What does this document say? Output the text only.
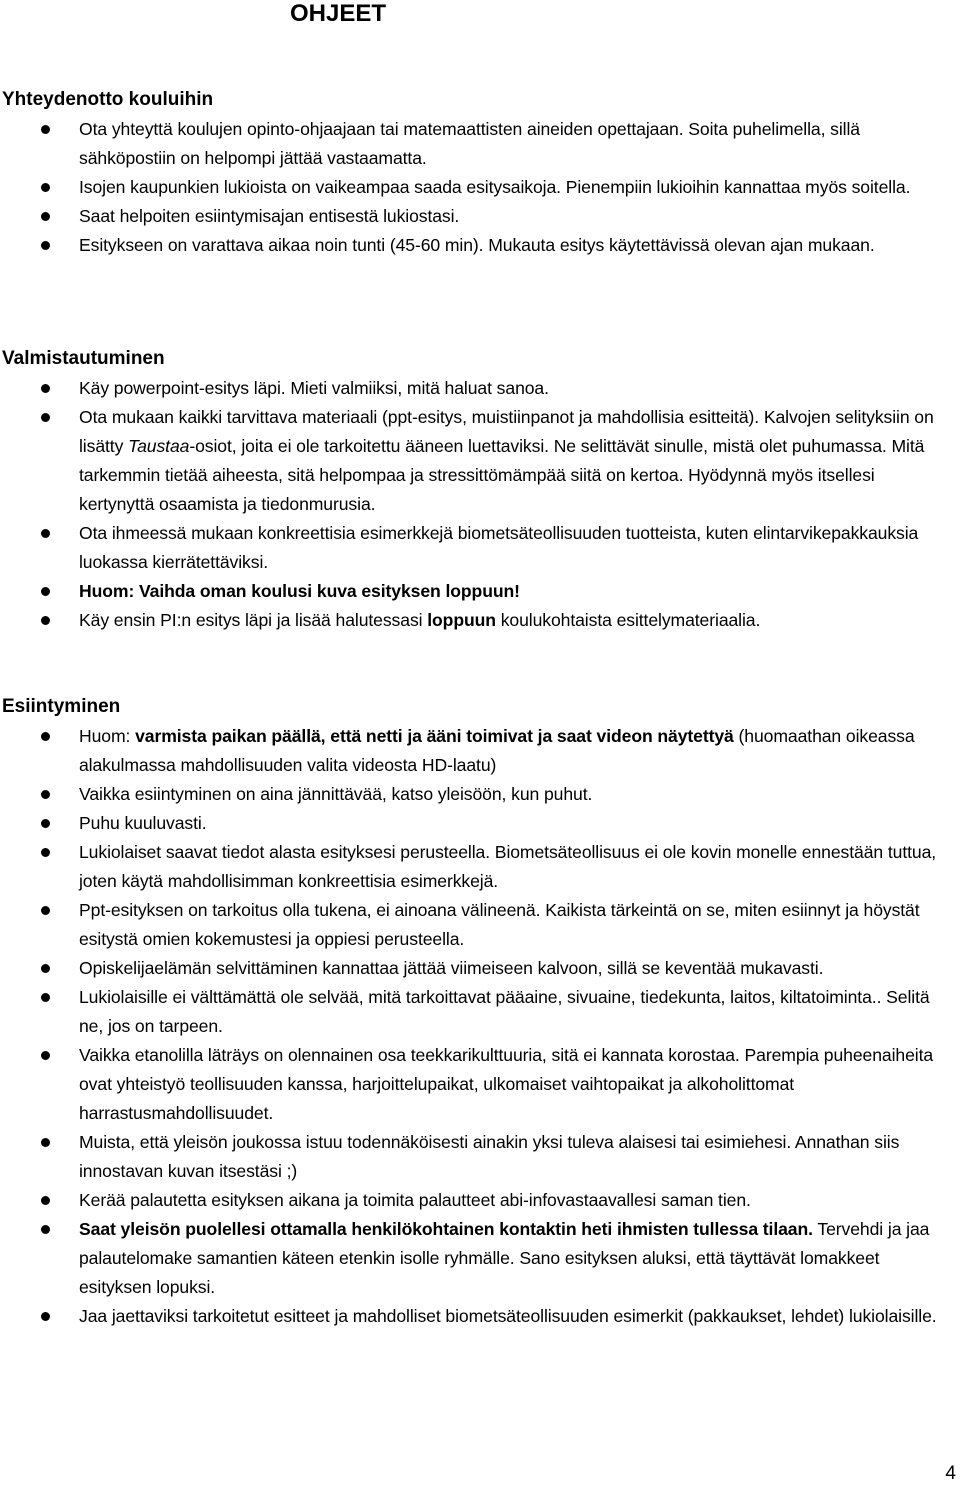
OHJEET
Yhteydenotto kouluihin
Ota yhteyttä koulujen opinto-ohjaajaan tai matemaattisten aineiden opettajaan. Soita puhelimella, sillä sähköpostiin on helpompi jättää vastaamatta.
Isojen kaupunkien lukioista on vaikeampaa saada esitysaikoja. Pienempiin lukioihin kannattaa myös soitella.
Saat helpoiten esiintymisajan entisestä lukiostasi.
Esitykseen on varattava aikaa noin tunti (45-60 min). Mukauta esitys käytettävissä olevan ajan mukaan.
Valmistautuminen
Käy powerpoint-esitys läpi. Mieti valmiiksi, mitä haluat sanoa.
Ota mukaan kaikki tarvittava materiaali (ppt-esitys, muistiinpanot ja mahdollisia esitteitä). Kalvojen selityksiin on lisätty Taustaa-osiot, joita ei ole tarkoitettu ääneen luettaviksi. Ne selittävät sinulle, mistä olet puhumassa. Mitä tarkemmin tietää aiheesta, sitä helpompaa ja stressittömämpää siitä on kertoa. Hyödynnä myös itsellesi kertynyttä osaamista ja tiedonmurusia.
Ota ihmeessä mukaan konkreettisia esimerkkejä biometsäteollisuuden tuotteista, kuten elintarvikepakkauksia luokassa kierrätettäviksi.
Huom: Vaihda oman koulusi kuva esityksen loppuun!
Käy ensin PI:n esitys läpi ja lisää halutessasi loppuun koulukohtaista esittelymateriaalia.
Esiintyminen
Huom: varmista paikan päällä, että netti ja ääni toimivat ja saat videon näytettyä (huomaathan oikeassa alakulmassa mahdollisuuden valita videosta HD-laatu)
Vaikka esiintyminen on aina jännittävää, katso yleisöön, kun puhut.
Puhu kuuluvasti.
Lukiolaiset saavat tiedot alasta esityksesi perusteella. Biometsäteollisuus ei ole kovin monelle ennestään tuttua, joten käytä mahdollisimman konkreettisia esimerkkejä.
Ppt-esityksen on tarkoitus olla tukena, ei ainoana välineenä. Kaikista tärkeintä on se, miten esiinnyt ja höystät esitystä omien kokemustesi ja oppiesi perusteella.
Opiskelijaelämän selvittäminen kannattaa jättää viimeiseen kalvoon, sillä se keventää mukavasti.
Lukiolaisille ei välttämättä ole selvää, mitä tarkoittavat pääaine, sivuaine, tiedekunta, laitos, kiltatoiminta.. Selitä ne, jos on tarpeen.
Vaikka etanolilla läträys on olennainen osa teekkarikulttuuria, sitä ei kannata korostaa. Parempia puheenaiheita ovat yhteistyö teollisuuden kanssa, harjoittelupaikat, ulkomaiset vaihtopaikat ja alkoholittomat harrastusmahdollisuudet.
Muista, että yleisön joukossa istuu todennäköisesti ainakin yksi tuleva alaisesi tai esimiehesi. Annathan siis innostavan kuvan itsestäsi ;)
Kerää palautetta esityksen aikana ja toimita palautteet abi-infovastaavallesi saman tien.
Saat yleisön puolellesi ottamalla henkilökohtainen kontaktin heti ihmisten tullessa tilaan. Tervehdi ja jaa palautelomake samantien käteen etenkin isolle ryhmälle. Sano esityksen aluksi, että täyttävät lomakkeet esityksen lopuksi.
Jaa jaettaviksi tarkoitetut esitteet ja mahdolliset biometsäteollisuuden esimerkit (pakkaukset, lehdet) lukiolaisille.
4
